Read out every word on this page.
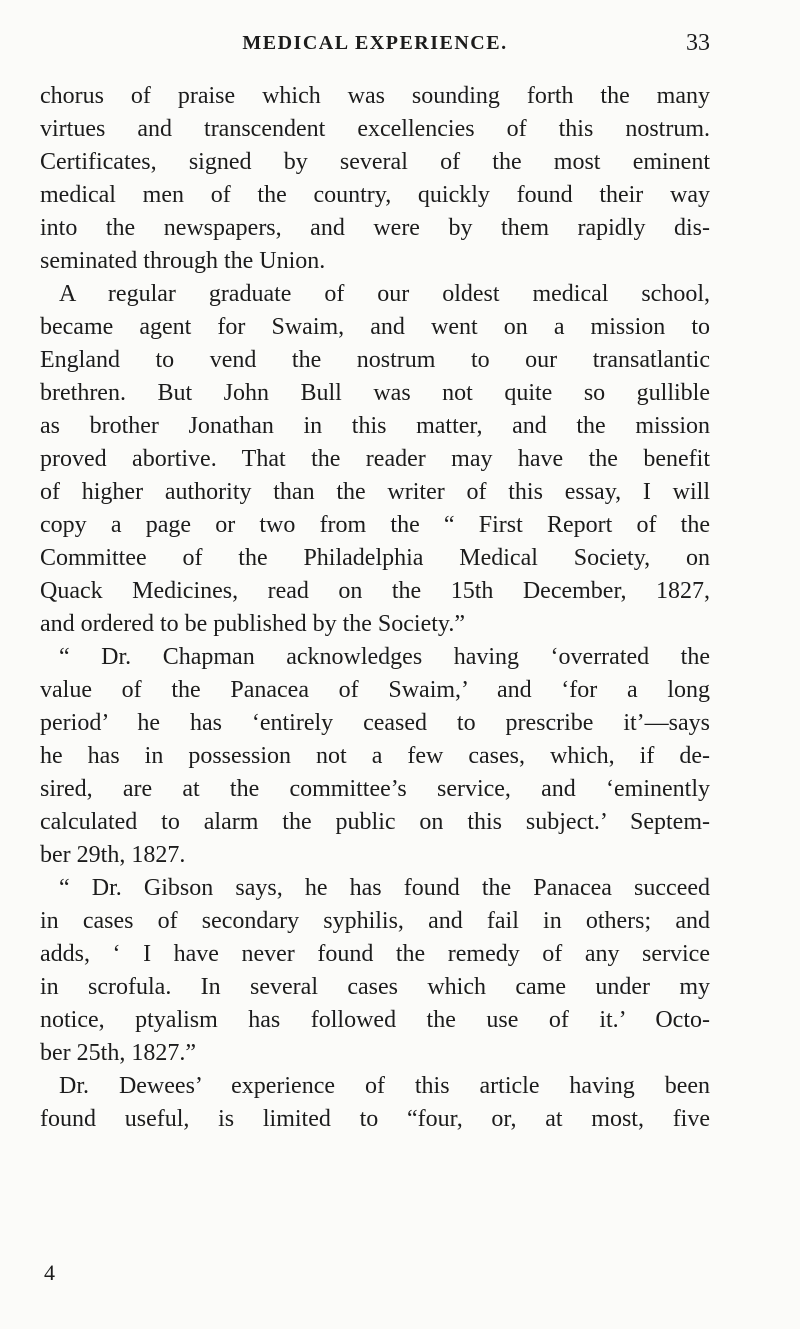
MEDICAL EXPERIENCE.	33
chorus of praise which was sounding forth the many
virtues and transcendent excellencies of this nostrum.
Certificates, signed by several of the most eminent
medical men of the country, quickly found their way
into the newspapers, and were by them rapidly dis-
seminated through the Union.
A regular graduate of our oldest medical school,
became agent for Swaim, and went on a mission to
England to vend the nostrum to our transatlantic
brethren. But John Bull was not quite so gullible
as brother Jonathan in this matter, and the mission
proved abortive. That the reader may have the benefit
of higher authority than the writer of this essay, I will
copy a page or two from the “ First Report of the
Committee of the Philadelphia Medical Society, on
Quack Medicines, read on the 15th December, 1827,
and ordered to be published by the Society.”
“ Dr. Chapman acknowledges having ‘overrated the
value of the Panacea of Swaim,’ and ‘for a long
period’ he has ‘entirely ceased to prescribe it’—says
he has in possession not a few cases, which, if de-
sired, are at the committee’s service, and ‘eminently
calculated to alarm the public on this subject.’ Septem-
ber 29th, 1827.
“ Dr. Gibson says, he has found the Panacea succeed
in cases of secondary syphilis, and fail in others; and
adds, ‘ I have never found the remedy of any service
in scrofula. In several cases which came under my
notice, ptyalism has followed the use of it.’ Octo-
ber 25th, 1827.”
Dr. Dewees’ experience of this article having been
found useful, is limited to “four, or, at most, five
4
